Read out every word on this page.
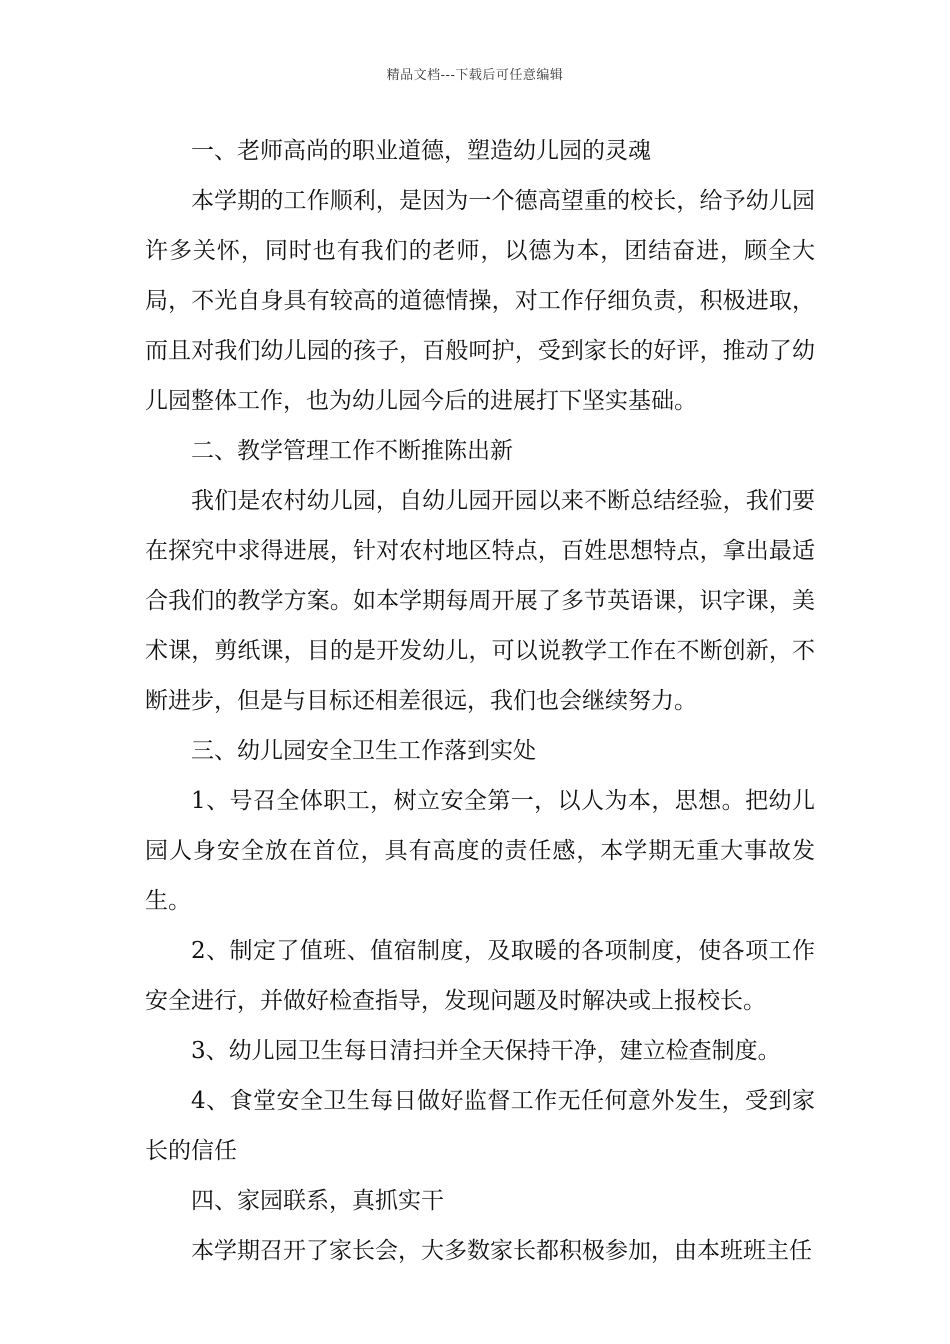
精品文档---下载后可任意编辑

一、老师高尚的职业道德，塑造幼儿园的灵魂

本学期的工作顺利，是因为一个德高望重的校长，给予幼儿园许多关怀，同时也有我们的老师，以德为本，团结奋进，顾全大局，不光自身具有较高的道德情操，对工作仔细负责，积极进取，而且对我们幼儿园的孩子，百般呵护，受到家长的好评，推动了幼儿园整体工作，也为幼儿园今后的进展打下坚实基础。

二、教学管理工作不断推陈出新

我们是农村幼儿园，自幼儿园开园以来不断总结经验，我们要在探究中求得进展，针对农村地区特点，百姓思想特点，拿出最适合我们的教学方案。如本学期每周开展了多节英语课，识字课，美术课，剪纸课，目的是开发幼儿，可以说教学工作在不断创新，不断进步，但是与目标还相差很远，我们也会继续努力。

三、幼儿园安全卫生工作落到实处

1、号召全体职工，树立安全第一，以人为本，思想。把幼儿园人身安全放在首位，具有高度的责任感，本学期无重大事故发生。

2、制定了值班、值宿制度，及取暖的各项制度，使各项工作安全进行，并做好检查指导，发现问题及时解决或上报校长。

3、幼儿园卫生每日清扫并全天保持干净，建立检查制度。

4、食堂安全卫生每日做好监督工作无任何意外发生，受到家长的信任

四、家园联系，真抓实干

本学期召开了家长会，大多数家长都积极参加，由本班班主任
